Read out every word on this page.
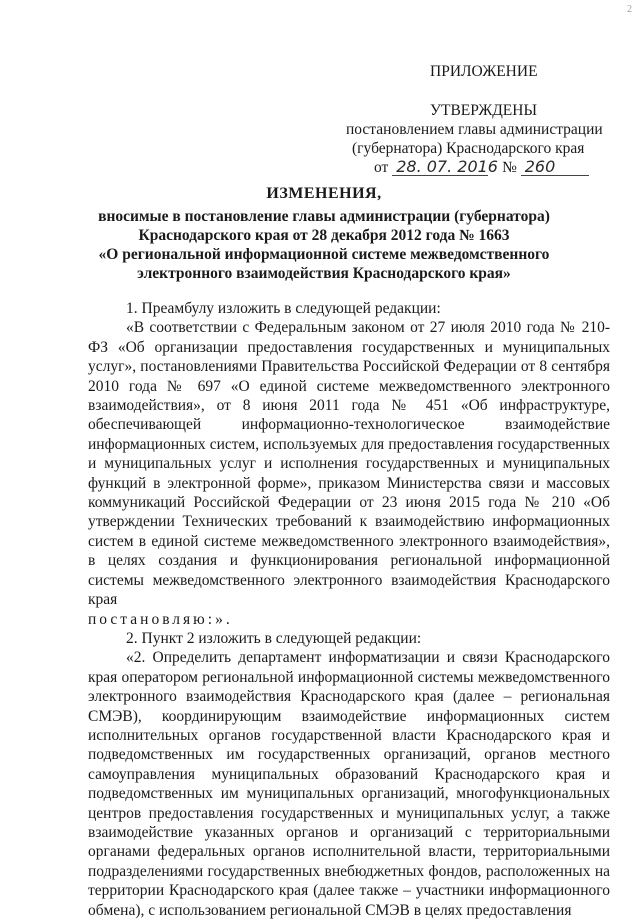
2
ПРИЛОЖЕНИЕ
УТВЕРЖДЕНЫ
постановлением главы администрации
(губернатора) Краснодарского края
от 28. 07. 2016 № 260
ИЗМЕНЕНИЯ,
вносимые в постановление главы администрации (губернатора)
Краснодарского края от 28 декабря 2012 года № 1663
«О региональной информационной системе межведомственного
электронного взаимодействия Краснодарского края»

1. Преамбулу изложить в следующей редакции:

«В соответствии с Федеральным законом от 27 июля 2010 года № 210-ФЗ «Об организации предоставления государственных и муниципальных услуг», постановлениями Правительства Российской Федерации от 8 сентября 2010 года № 697 «О единой системе межведомственного электронного взаимодействия», от 8 июня 2011 года № 451 «Об инфраструктуре, обеспечивающей информационно-технологическое взаимодействие информационных систем, используемых для предоставления государственных и муниципальных услуг и исполнения государственных и муниципальных функций в электронной форме», приказом Министерства связи и массовых коммуникаций Российской Федерации от 23 июня 2015 года № 210 «Об утверждении Технических требований к взаимодействию информационных систем в единой системе межведомственного электронного взаимодействия», в целях создания и функционирования региональной информационной системы межведомственного электронного взаимодействия Краснодарского края

постановляю:».

2. Пункт 2 изложить в следующей редакции:

«2. Определить департамент информатизации и связи Краснодарского края оператором региональной информационной системы межведомственного электронного взаимодействия Краснодарского края (далее – региональная СМЭВ), координирующим взаимодействие информационных систем исполнительных органов государственной власти Краснодарского края и подведомственных им государственных организаций, органов местного самоуправления муниципальных образований Краснодарского края и подведомственных им муниципальных организаций, многофункциональных центров предоставления государственных и муниципальных услуг, а также взаимодействие указанных органов и организаций с территориальными органами федеральных органов исполнительной власти, территориальными подразделениями государственных внебюджетных фондов, расположенных на территории Краснодарского края (далее также – участники информационного обмена), с использованием региональной СМЭВ в целях предоставления
